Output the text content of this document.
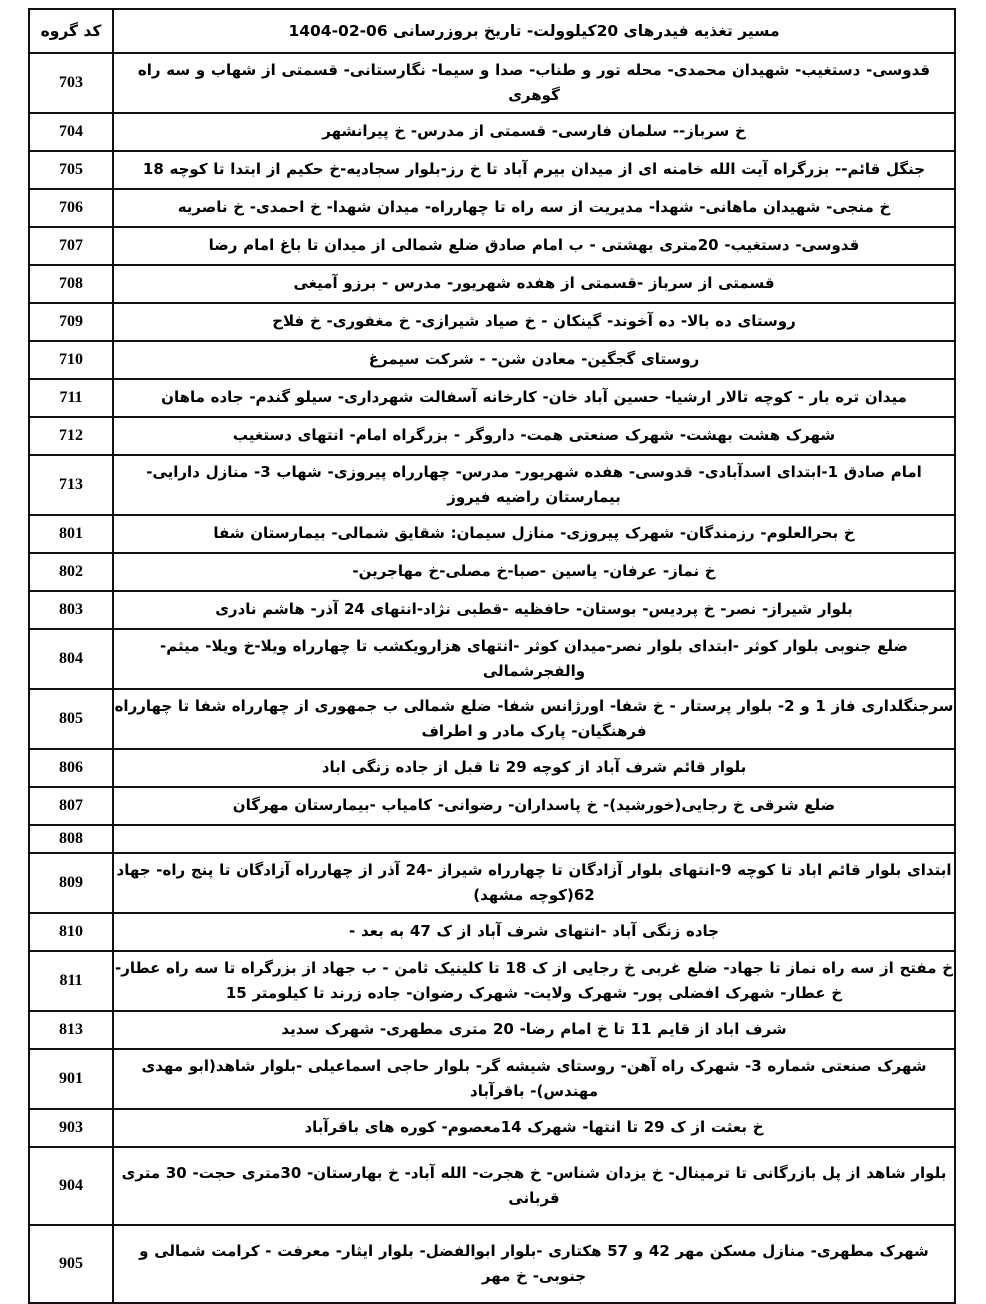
مسیر تغذیه فیدرهای 20کیلوولت- تاریخ بروزرسانی 06-02-1404	کد گروه
قدوسی- دستغیب- شهیدان محمدی- محله تور و طناب- صدا و سیما- نگارستانی- قسمتی از شهاب و سه راه گوهری	703
خ سرباز-- سلمان فارسی- قسمتی از مدرس- خ پیرانشهر	704
جنگل قائم-- بزرگراه آیت الله خامنه ای از میدان بیرم آباد تا خ رز-بلوار سجادیه-خ حکیم از ابتدا تا کوچه 18	705
خ منجی- شهیدان ماهانی- شهدا- مدیریت از سه راه تا چهارراه- میدان شهدا- خ احمدی- خ ناصریه	706
قدوسی- دستغیب- 20متری بهشتی - ب امام صادق ضلع شمالی از میدان تا باغ امام رضا	707
قسمتی از سرباز -قسمتی از هفده شهریور- مدرس - برزو آمیغی	708
روستای ده بالا- ده آخوند- گینکان - خ صیاد شیرازی- خ مغفوری- خ فلاح	709
روستای گجگین- معادن شن- - شرکت سیمرغ	710
میدان تره بار - کوچه تالار ارشیا- حسین آباد خان- کارخانه آسفالت شهرداری- سیلو گندم- جاده ماهان	711
شهرک هشت بهشت- شهرک صنعتی همت- داروگر - بزرگراه امام- انتهای دستغیب	712
امام صادق 1-ابتدای اسدآبادی- قدوسی- هفده شهریور- مدرس- چهارراه پیروزی- شهاب 3- منازل دارایی-بیمارستان راضیه فیروز	713
خ بحرالعلوم- رزمندگان- شهرک پیروزی- منازل سیمان: شقایق شمالی- بیمارستان شفا	801
خ نماز- عرفان- یاسین -صبا-خ مصلی-خ مهاجرین-	802
بلوار شیراز- نصر- خ پردیس- بوستان- حافظیه -قطبی نژاد-انتهای 24 آذر- هاشم نادری	803
ضلع جنوبی بلوار کوثر -ابتدای بلوار نصر-میدان کوثر -انتهای هزارویکشب تا چهارراه ویلا-خ ویلا- میثم- والفجرشمالی	804
سرجنگلداری فاز 1 و 2- بلوار پرستار - خ شفا- اورژانس شفا- ضلع شمالی ب جمهوری از چهارراه شفا تا چهارراه فرهنگیان- پارک مادر و اطراف	805
بلوار قائم شرف آباد از کوچه 29 تا قبل از جاده زنگی اباد	806
ضلع شرقی خ رجایی(خورشید)- خ پاسداران- رضوانی- کامیاب -بیمارستان مهرگان	807
	808
ابتدای بلوار قائم اباد تا کوچه 9-انتهای بلوار آزادگان تا چهارراه شیراز -24 آذر از چهارراه آزادگان تا پنج راه- جهاد 62(کوچه مشهد)	809
جاده زنگی آباد -انتهای شرف آباد از ک 47 به بعد -	810
خ مفتح از سه راه نماز تا جهاد- ضلع غربی خ رجایی از ک 18 تا کلینیک ثامن - ب جهاد از بزرگراه تا سه راه عطار- خ عطار- شهرک افضلی پور- شهرک ولایت- شهرک رضوان- جاده زرند تا کیلومتر 15	811
شرف اباد از قایم 11 تا خ امام رضا- 20 متری مطهری- شهرک سدید	813
شهرک صنعتی شماره 3- شهرک راه آهن- روستای شیشه گر- بلوار حاجی اسماعیلی -بلوار شاهد(ابو مهدی مهندس)- باقرآباد	901
خ بعثت از ک 29 تا انتها- شهرک 14معصوم- کوره های باقرآباد	903
بلوار شاهد از پل بازرگانی تا ترمینال- خ یزدان شناس- خ هجرت- الله آباد- خ بهارستان- 30متری حجت- 30 متری قربانی	904
شهرک مطهری- منازل مسکن مهر 42 و 57 هکتاری -بلوار ابوالفضل- بلوار ایثار- معرفت - کرامت شمالی و جنوبی- خ مهر	905
